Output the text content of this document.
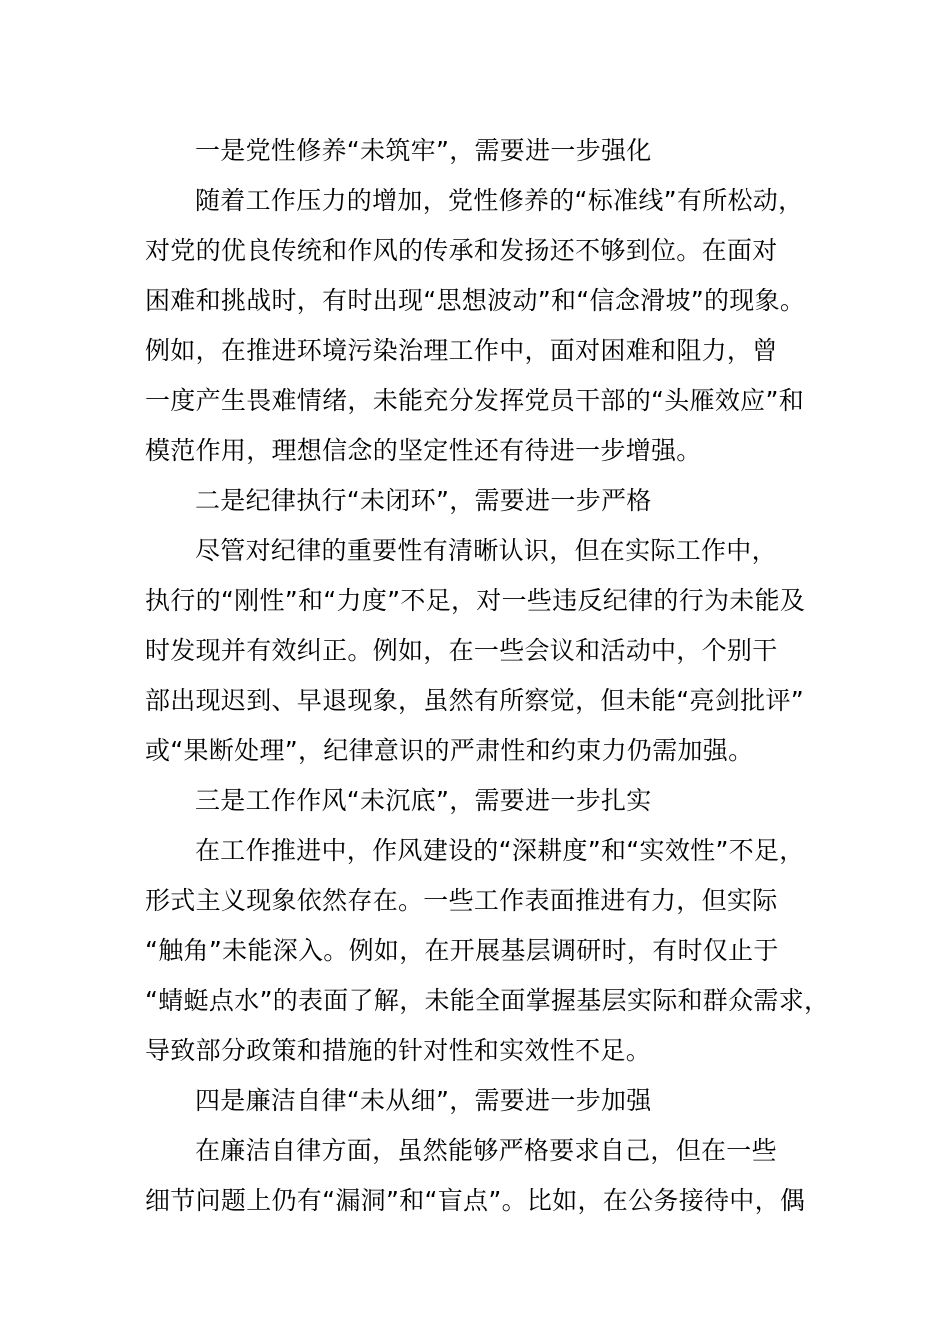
一是党性修养“未筑牢”，需要进一步强化
随着工作压力的增加，党性修养的“标准线”有所松动，
对党的优良传统和作风的传承和发扬还不够到位。在面对
困难和挑战时，有时出现“思想波动”和“信念滑坡”的现象。
例如，在推进环境污染治理工作中，面对困难和阻力，曾
一度产生畏难情绪，未能充分发挥党员干部的“头雁效应”和
模范作用，理想信念的坚定性还有待进一步增强。
二是纪律执行“未闭环”，需要进一步严格
尽管对纪律的重要性有清晰认识，但在实际工作中，
执行的“刚性”和“力度”不足，对一些违反纪律的行为未能及
时发现并有效纠正。例如，在一些会议和活动中，个别干
部出现迟到、早退现象，虽然有所察觉，但未能“亮剑批评”
或“果断处理”，纪律意识的严肃性和约束力仍需加强。
三是工作作风“未沉底”，需要进一步扎实
在工作推进中，作风建设的“深耕度”和“实效性”不足，
形式主义现象依然存在。一些工作表面推进有力，但实际
“触角”未能深入。例如，在开展基层调研时，有时仅止于
“蜻蜓点水”的表面了解，未能全面掌握基层实际和群众需求，
导致部分政策和措施的针对性和实效性不足。
四是廉洁自律“未从细”，需要进一步加强
在廉洁自律方面，虽然能够严格要求自己，但在一些
细节问题上仍有“漏洞”和“盲点”。比如，在公务接待中，偶
